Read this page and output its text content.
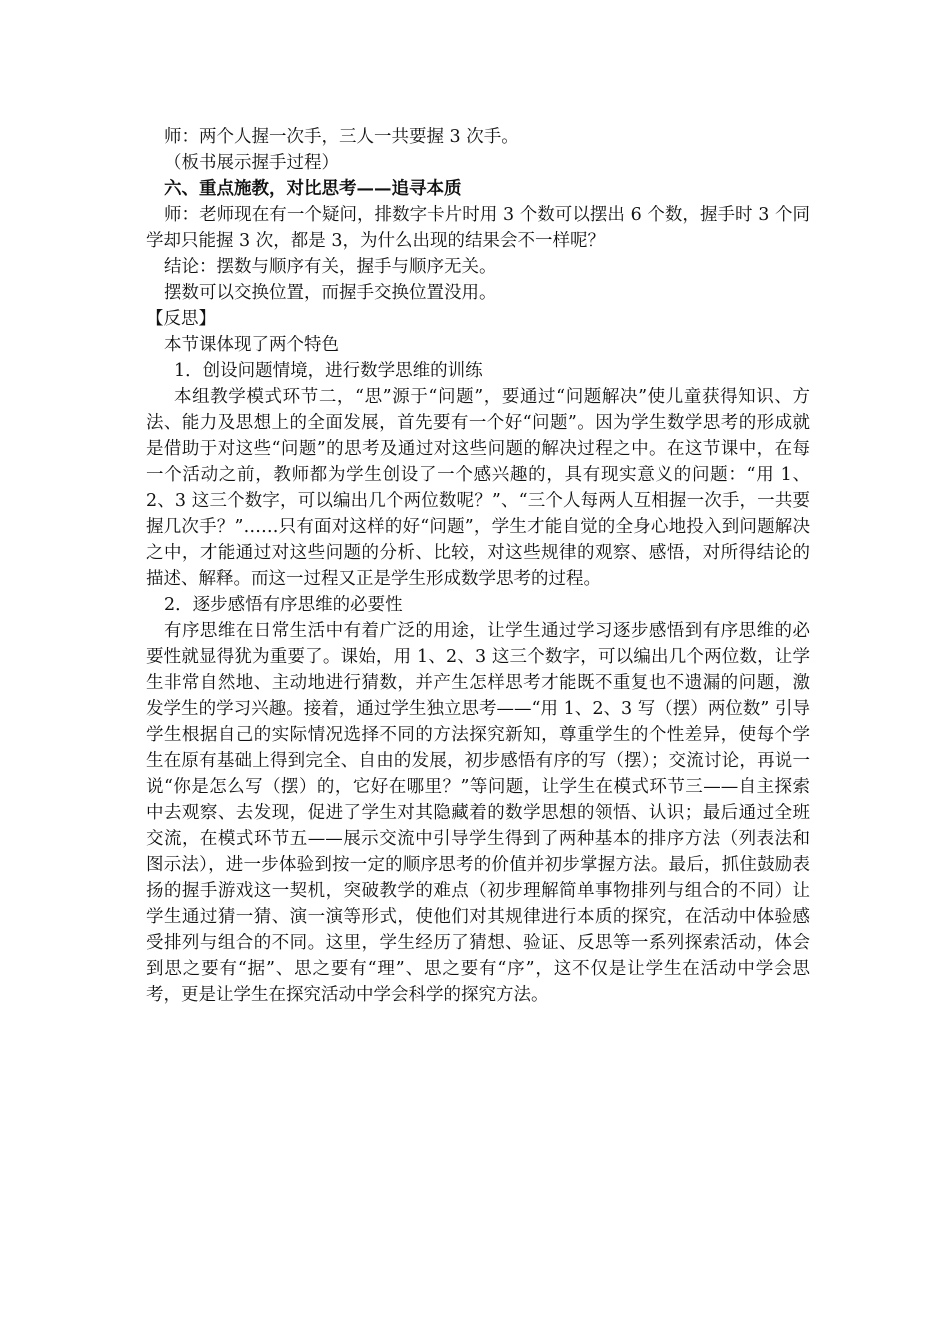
师：两个人握一次手，三人一共要握 3 次手。

（板书展示握手过程）

六、重点施教，对比思考——追寻本质

师：老师现在有一个疑问，排数字卡片时用 3 个数可以摆出 6 个数，握手时 3 个同学却只能握 3 次，都是 3，为什么出现的结果会不一样呢？

结论：摆数与顺序有关，握手与顺序无关。

摆数可以交换位置，而握手交换位置没用。

【反思】

本节课体现了两个特色

1．创设问题情境，进行数学思维的训练

本组教学模式环节二，“思”源于“问题”，要通过“问题解决”使儿童获得知识、方法、能力及思想上的全面发展，首先要有一个好“问题”。因为学生数学思考的形成就是借助于对这些“问题”的思考及通过对这些问题的解决过程之中。在这节课中，在每一个活动之前，教师都为学生创设了一个感兴趣的，具有现实意义的问题：“用 1、2、3 这三个数字，可以编出几个两位数呢？”、“三个人每两人互相握一次手，一共要握几次手？”……只有面对这样的好“问题”，学生才能自觉的全身心地投入到问题解决之中，才能通过对这些问题的分析、比较，对这些规律的观察、感悟，对所得结论的描述、解释。而这一过程又正是学生形成数学思考的过程。

2．逐步感悟有序思维的必要性

有序思维在日常生活中有着广泛的用途，让学生通过学习逐步感悟到有序思维的必要性就显得犹为重要了。课始，用 1、2、3 这三个数字，可以编出几个两位数，让学生非常自然地、主动地进行猜数，并产生怎样思考才能既不重复也不遗漏的问题，激发学生的学习兴趣。接着，通过学生独立思考——“用 1、2、3 写（摆）两位数” 引导学生根据自己的实际情况选择不同的方法探究新知，尊重学生的个性差异，使每个学生在原有基础上得到完全、自由的发展，初步感悟有序的写（摆）；交流讨论，再说一说“你是怎么写（摆）的，它好在哪里？”等问题，让学生在模式环节三——自主探索中去观察、去发现，促进了学生对其隐藏着的数学思想的领悟、认识；最后通过全班交流，在模式环节五——展示交流中引导学生得到了两种基本的排序方法（列表法和图示法），进一步体验到按一定的顺序思考的价值并初步掌握方法。最后，抓住鼓励表扬的握手游戏这一契机，突破教学的难点（初步理解简单事物排列与组合的不同）让学生通过猜一猜、演一演等形式，使他们对其规律进行本质的探究，在活动中体验感受排列与组合的不同。这里，学生经历了猜想、验证、反思等一系列探索活动，体会到思之要有“据”、思之要有“理”、思之要有“序”，这不仅是让学生在活动中学会思考，更是让学生在探究活动中学会科学的探究方法。
